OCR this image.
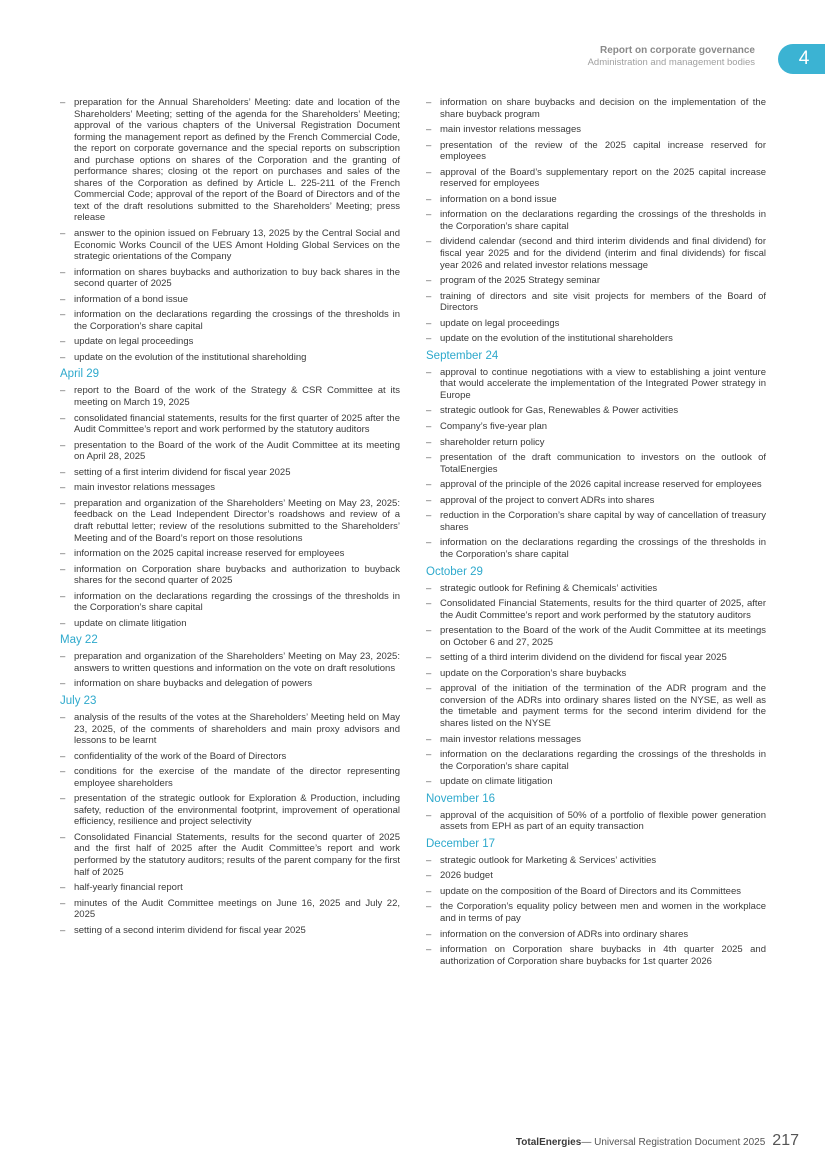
Report on corporate governance
Administration and management bodies	4
– preparation for the Annual Shareholders’ Meeting: date and location of the Shareholders’ Meeting; setting of the agenda for the Shareholders’ Meeting; approval of the various chapters of the Universal Registration Document forming the management report as defined by the French Commercial Code, the report on corporate governance and the special reports on subscription and purchase options on shares of the Corporation and the granting of performance shares; closing ot the report on purchases and sales of the shares of the Corporation as defined by Article L. 225-211 of the French Commercial Code; approval of the report of the Board of Directors and of the text of the draft resolutions submitted to the Shareholders’ Meeting; press release
– answer to the opinion issued on February 13, 2025 by the Central Social and Economic Works Council of the UES Amont Holding Global Services on the strategic orientations of the Company
– information on shares buybacks and authorization to buy back shares in the second quarter of 2025
– information of a bond issue
– information on the declarations regarding the crossings of the thresholds in the Corporation’s share capital
– update on legal proceedings
– update on the evolution of the institutional shareholding
April 29
– report to the Board of the work of the Strategy & CSR Committee at its meeting on March 19, 2025
– consolidated financial statements, results for the first quarter of 2025 after the Audit Committee’s report and work performed by the statutory auditors
– presentation to the Board of the work of the Audit Committee at its meeting on April 28, 2025
– setting of a first interim dividend for fiscal year 2025
– main investor relations messages
– preparation and organization of the Shareholders’ Meeting on May 23, 2025: feedback on the Lead Independent Director’s roadshows and review of a draft rebuttal letter; review of the resolutions submitted to the Shareholders’ Meeting and of the Board’s report on those resolutions
– information on the 2025 capital increase reserved for employees
– information on Corporation share buybacks and authorization to buyback shares for the second quarter of 2025
– information on the declarations regarding the crossings of the thresholds in the Corporation’s share capital
– update on climate litigation
May 22
– preparation and organization of the Shareholders’ Meeting on May 23, 2025: answers to written questions and information on the vote on draft resolutions
– information on share buybacks and delegation of powers
July 23
– analysis of the results of the votes at the Shareholders’ Meeting held on May 23, 2025, of the comments of shareholders and main proxy advisors and lessons to be learnt
– confidentiality of the work of the Board of Directors
– conditions for the exercise of the mandate of the director representing employee shareholders
– presentation of the strategic outlook for Exploration & Production, including safety, reduction of the environmental footprint, improvement of operational efficiency, resilience and project selectivity
– Consolidated Financial Statements, results for the second quarter of 2025 and the first half of 2025 after the Audit Committee’s report and work performed by the statutory auditors; results of the parent company for the first half of 2025
– half-yearly financial report
– minutes of the Audit Committee meetings on June 16, 2025 and July 22, 2025
– setting of a second interim dividend for fiscal year 2025
– information on share buybacks and decision on the implementation of the share buyback program
– main investor relations messages
– presentation of the review of the 2025 capital increase reserved for employees
– approval of the Board’s supplementary report on the 2025 capital increase reserved for employees
– information on a bond issue
– information on the declarations regarding the crossings of the thresholds in the Corporation’s share capital
– dividend calendar (second and third interim dividends and final dividend) for fiscal year 2025 and for the dividend (interim and final dividends) for fiscal year 2026 and related investor relations message
– program of the 2025 Strategy seminar
– training of directors and site visit projects for members of the Board of Directors
– update on legal proceedings
– update on the evolution of the institutional shareholders
September 24
– approval to continue negotiations with a view to establishing a joint venture that would accelerate the implementation of the Integrated Power strategy in Europe
– strategic outlook for Gas, Renewables & Power activities
– Company’s five-year plan
– shareholder return policy
– presentation of the draft communication to investors on the outlook of TotalEnergies
– approval of the principle of the 2026 capital increase reserved for employees
– approval of the project to convert ADRs into shares
– reduction in the Corporation’s share capital by way of cancellation of treasury shares
– information on the declarations regarding the crossings of the thresholds in the Corporation’s share capital
October 29
– strategic outlook for Refining & Chemicals’ activities
– Consolidated Financial Statements, results for the third quarter of 2025, after the Audit Committee’s report and work performed by the statutory auditors
– presentation to the Board of the work of the Audit Committee at its meetings on October 6 and 27, 2025
– setting of a third interim dividend on the dividend for fiscal year 2025
– update on the Corporation’s share buybacks
– approval of the initiation of the termination of the ADR program and the conversion of the ADRs into ordinary shares listed on the NYSE, as well as the timetable and payment terms for the second interim dividend for the shares listed on the NYSE
– main investor relations messages
– information on the declarations regarding the crossings of the thresholds in the Corporation’s share capital
– update on climate litigation
November 16
– approval of the acquisition of 50% of a portfolio of flexible power generation assets from EPH as part of an equity transaction
December 17
– strategic outlook for Marketing & Services’ activities
– 2026 budget
– update on the composition of the Board of Directors and its Committees
– the Corporation’s equality policy between men and women in the workplace and in terms of pay
– information on the conversion of ADRs into ordinary shares
– information on Corporation share buybacks in 4th quarter 2025 and authorization of Corporation share buybacks for 1st quarter 2026
TotalEnergies — Universal Registration Document 2025 217
